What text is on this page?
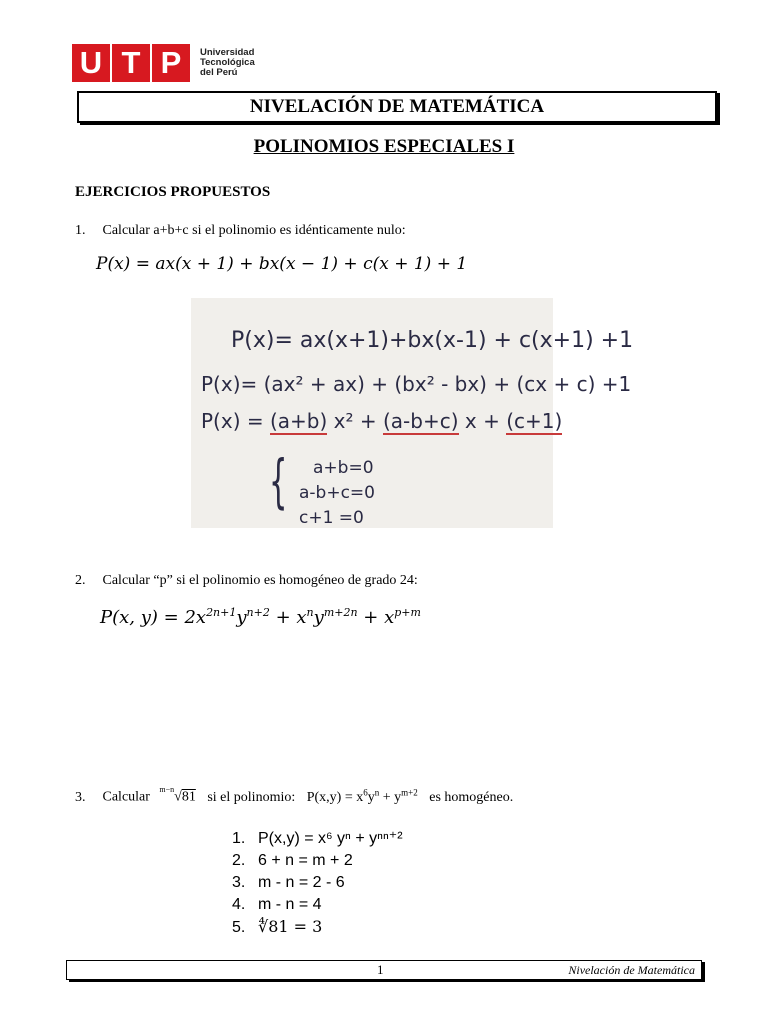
U T P	Universidad
Tecnológica
del Perú
NIVELACIÓN DE MATEMÁTICA
POLINOMIOS ESPECIALES I
EJERCICIOS PROPUESTOS
1. Calcular a+b+c si el polinomio es idénticamente nulo:
P(x) = ax(x + 1) + bx(x − 1) + c(x + 1) + 1
P(x)= ax(x+1)+bx(x-1) + c(x+1) +1
P(x)= (ax² + ax) + (bx² - bx) + (cx + c) +1
P(x) = (a+b) x² + (a-b+c) x + (c+1)
{	a+b=0
a-b+c=0
c+1 =0
2. Calcular “p” si el polinomio es homogéneo de grado 24:
P(x, $y) = 2x^{2n+1}y^{n+2} + x^ny^{m+2n} + x^{p+m}$
3. Calcular $^{m-n}$√81 si el polinomio: $P(x,y) = x^6y^n + y^{m+2}$ es homogéneo.
1. P(x,y) = x⁶ yⁿ + yⁿⁿ⁺²
2. 6 + n = m + 2
3. m - n = 2 - 6
4. m - n = 4
5. ∜81 = 3
1	Nivelación de Matemática
